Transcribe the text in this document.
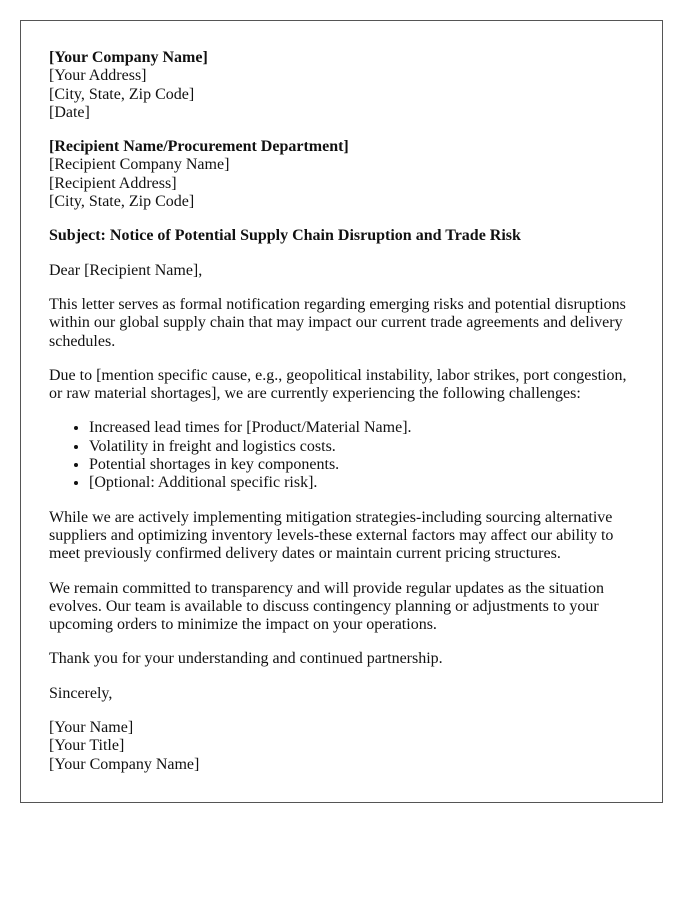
[Your Company Name]
[Your Address]
[City, State, Zip Code]
[Date]

[Recipient Name/Procurement Department]
[Recipient Company Name]
[Recipient Address]
[City, State, Zip Code]

Subject: Notice of Potential Supply Chain Disruption and Trade Risk

Dear [Recipient Name],

This letter serves as formal notification regarding emerging risks and potential disruptions within our global supply chain that may impact our current trade agreements and delivery schedules.

Due to [mention specific cause, e.g., geopolitical instability, labor strikes, port congestion, or raw material shortages], we are currently experiencing the following challenges:

• Increased lead times for [Product/Material Name].
• Volatility in freight and logistics costs.
• Potential shortages in key components.
• [Optional: Additional specific risk].

While we are actively implementing mitigation strategies-including sourcing alternative suppliers and optimizing inventory levels-these external factors may affect our ability to meet previously confirmed delivery dates or maintain current pricing structures.

We remain committed to transparency and will provide regular updates as the situation evolves. Our team is available to discuss contingency planning or adjustments to your upcoming orders to minimize the impact on your operations.

Thank you for your understanding and continued partnership.

Sincerely,

[Your Name]
[Your Title]
[Your Company Name]
